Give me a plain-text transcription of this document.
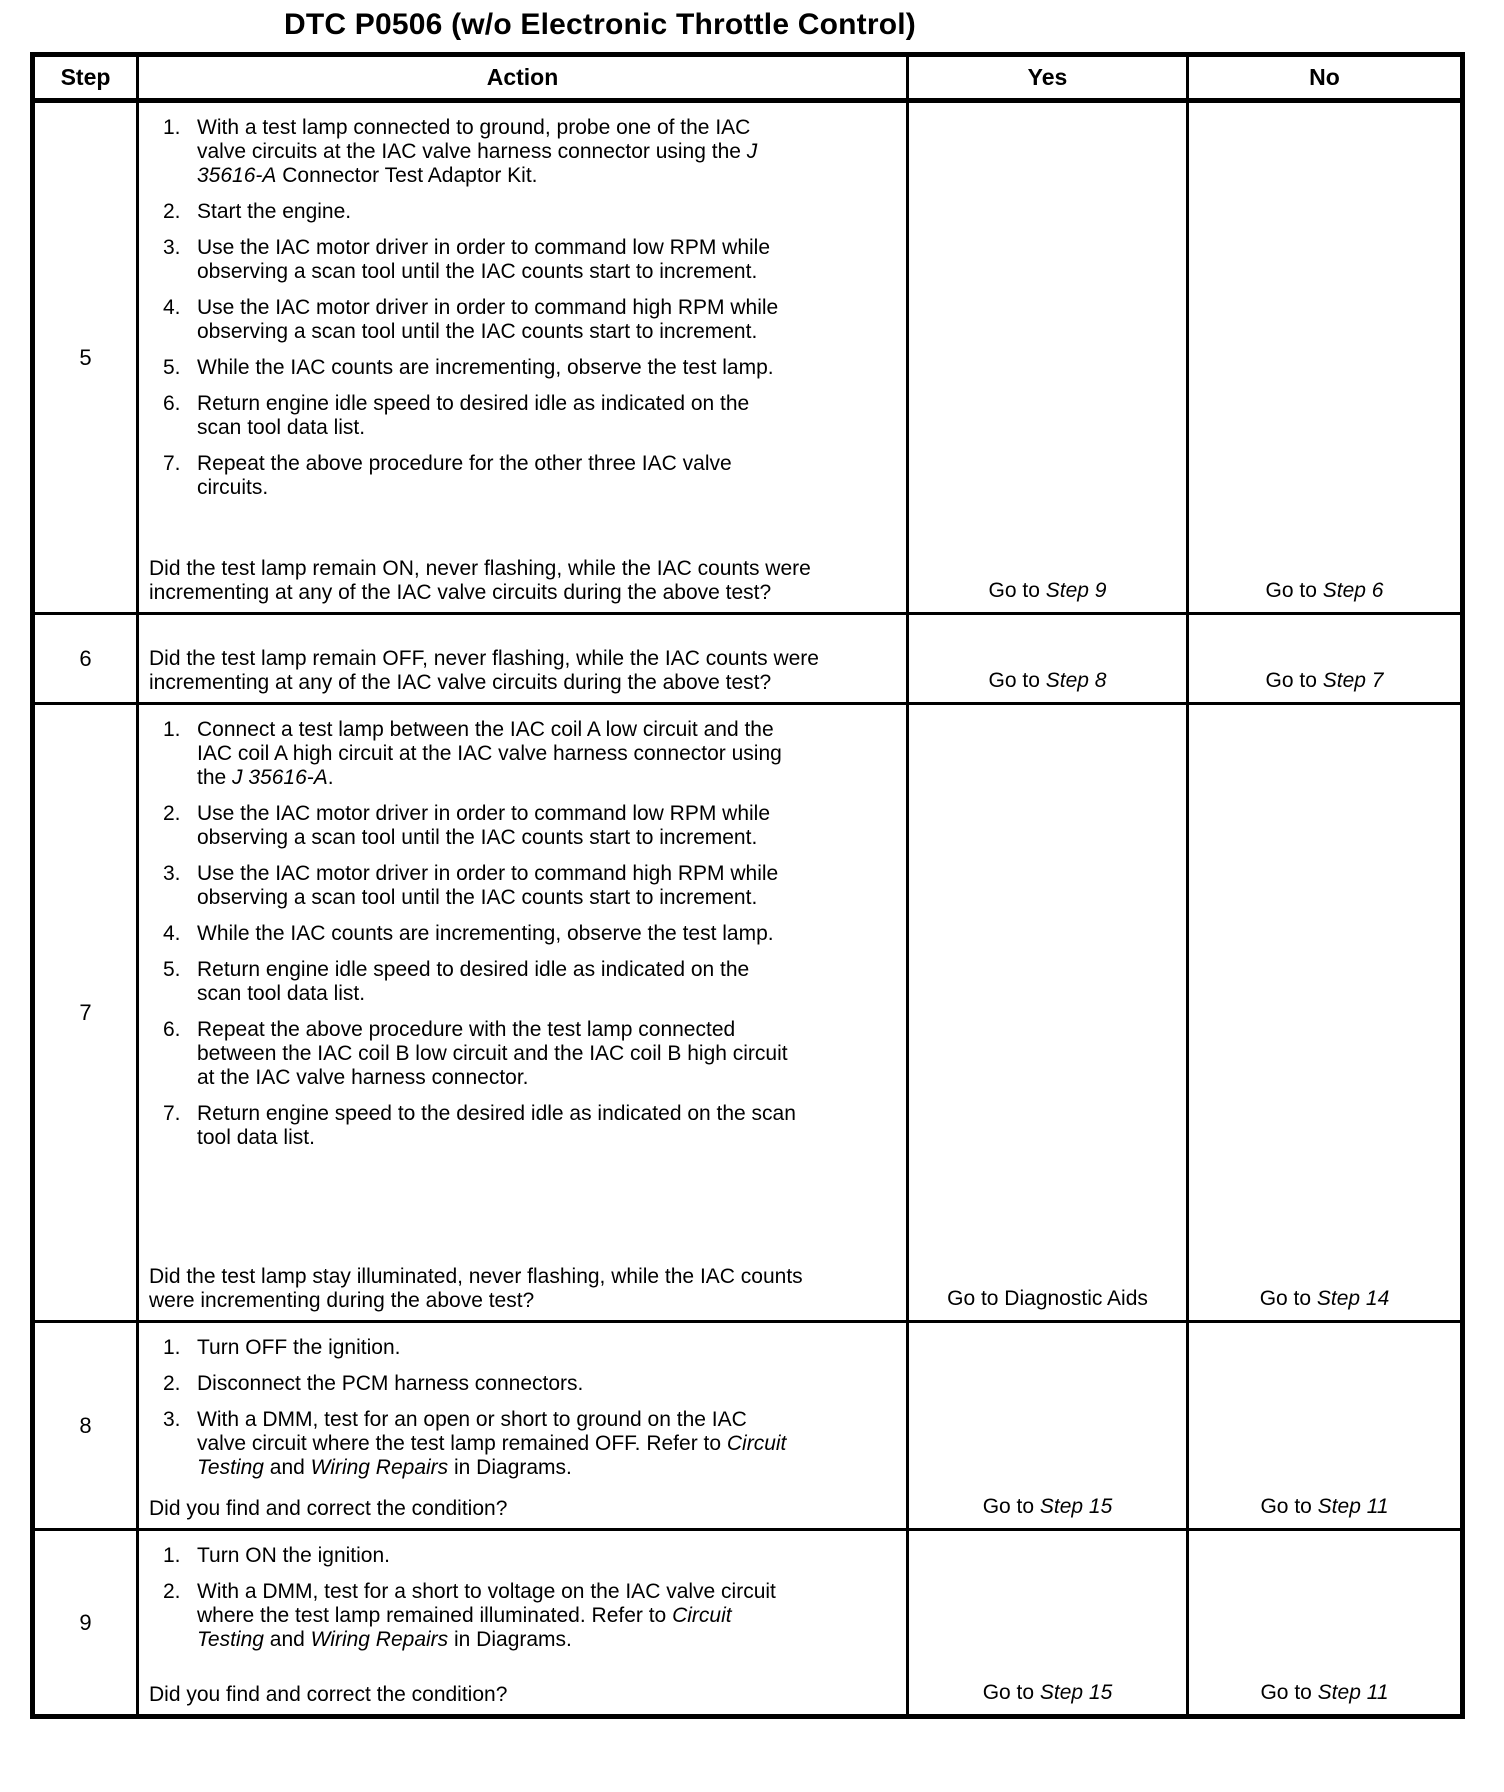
DTC P0506 (w/o Electronic Throttle Control)
Step	Action	Yes	No
5	
1. With a test lamp connected to ground, probe one of the IAC valve circuits at the IAC valve harness connector using the J 35616-A Connector Test Adaptor Kit.
2. Start the engine.
3. Use the IAC motor driver in order to command low RPM while observing a scan tool until the IAC counts start to increment.
4. Use the IAC motor driver in order to command high RPM while observing a scan tool until the IAC counts start to increment.
5. While the IAC counts are incrementing, observe the test lamp.
6. Return engine idle speed to desired idle as indicated on the scan tool data list.
7. Repeat the above procedure for the other three IAC valve circuits.
Did the test lamp remain ON, never flashing, while the IAC counts were incrementing at any of the IAC valve circuits during the above test?	Go to Step 9	Go to Step 6
6	Did the test lamp remain OFF, never flashing, while the IAC counts were incrementing at any of the IAC valve circuits during the above test?	Go to Step 8	Go to Step 7
7	
1. Connect a test lamp between the IAC coil A low circuit and the IAC coil A high circuit at the IAC valve harness connector using the J 35616-A.
2. Use the IAC motor driver in order to command low RPM while observing a scan tool until the IAC counts start to increment.
3. Use the IAC motor driver in order to command high RPM while observing a scan tool until the IAC counts start to increment.
4. While the IAC counts are incrementing, observe the test lamp.
5. Return engine idle speed to desired idle as indicated on the scan tool data list.
6. Repeat the above procedure with the test lamp connected between the IAC coil B low circuit and the IAC coil B high circuit at the IAC valve harness connector.
7. Return engine speed to the desired idle as indicated on the scan tool data list.
Did the test lamp stay illuminated, never flashing, while the IAC counts were incrementing during the above test?	Go to Diagnostic Aids	Go to Step 14
8	
1. Turn OFF the ignition.
2. Disconnect the PCM harness connectors.
3. With a DMM, test for an open or short to ground on the IAC valve circuit where the test lamp remained OFF. Refer to Circuit Testing and Wiring Repairs in Diagrams.
Did you find and correct the condition?	Go to Step 15	Go to Step 11
9	1. Turn ON the ignition.
2. With a DMM, test for a short to voltage on the IAC valve circuit where the test lamp remained illuminated. Refer to Circuit Testing and Wiring Repairs in Diagrams.
Did you find and correct the condition?	Go to Step 15	Go to Step 11
